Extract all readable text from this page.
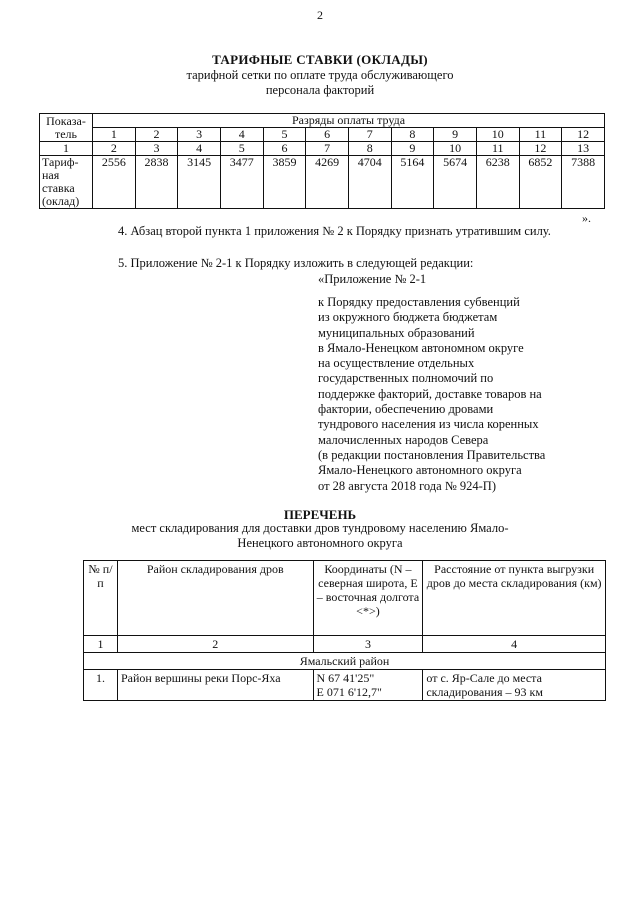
2
ТАРИФНЫЕ СТАВКИ (ОКЛАДЫ)
тарифной сетки по оплате труда обслуживающего
персонала факторий
Показа-
тель	Разряды оплаты труда											
	1	2	3	4	5	6	7	8	9	10	11	12
1	2	3	4	5	6	7	8	9	10	11	12	13

Тариф-
ная
ставка
(оклад)	2556	2838	3145	3477	3859	4269	4704	5164	5674	6238	6852	7388
».
4. Абзац второй пункта 1 приложения № 2 к Порядку признать утратившим силу.
5. Приложение № 2-1 к Порядку изложить в следующей редакции:
«Приложение № 2-1
к Порядку предоставления субвенций
из окружного бюджета бюджетам
муниципальных образований
в Ямало-Ненецком автономном округе
на осуществление отдельных
государственных полномочий по
поддержке факторий, доставке товаров на
фактории, обеспечению дровами
тундрового населения из числа коренных
малочисленных народов Севера
(в редакции постановления Правительства
Ямало-Ненецкого автономного округа
от 28 августа 2018 года № 924-П)
ПЕРЕЧЕНЬ
мест складирования для доставки дров тундровому населению Ямало-
Ненецкого автономного округа
№ п/п	Район складирования дров	Координаты (N – северная широта, E – восточная долгота <*>)	Расстояние от пункта выгрузки дров до места складирования (км)
1	2	3	4
Ямальский район			
1.	Район вершины реки Порс-Яха	N 67 41'25"
E 071 6'12,7"	от с. Яр-Сале до места складирования – 93 км
